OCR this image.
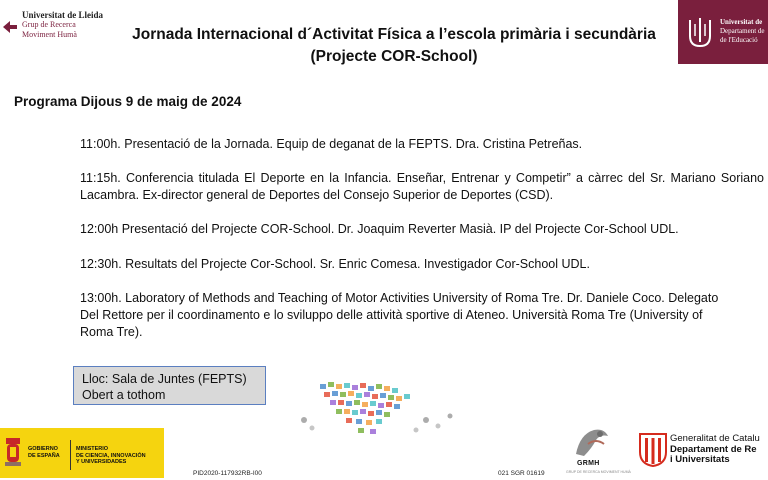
Universitat de Lleida
Grup de Recerca
Moviment Humà	Jornada Internacional d´Activitat Física a l’escola primària i secundària
(Projecte COR-School)
Universitat de
Departament de
de l'Educació
Programa Dijous 9 de maig de 2024
11:00h. Presentació de la Jornada. Equip de deganat de la FEPTS. Dra. Cristina Petreñas.
11:15h. Conferencia titulada El Deporte en la Infancia. Enseñar, Entrenar y Competir” a càrrec del Sr. Mariano Soriano Lacambra. Ex-director general de Deportes del Consejo Superior de Deportes (CSD).
12:00h Presentació del Projecte COR-School. Dr. Joaquim Reverter Masià. IP del Projecte Cor-School UDL.
12:30h. Resultats del Projecte Cor-School. Sr. Enric Comesa. Investigador Cor-School UDL.
13:00h. Laboratory of Methods and Teaching of Motor Activities University of Roma Tre. Dr. Daniele Coco. Delegato Del Rettore per il coordinamento e lo sviluppo delle attività sportive di Ateneo. Università Roma Tre (University of Roma Tre).
Lloc: Sala de Juntes (FEPTS)
Obert a tothom
GOBIERNO
DE ESPAÑA
MINISTERIO
DE CIENCIA, INNOVACIÓN
Y UNIVERSIDADES
PID2020-117932RB-I00	021 SGR 01619
GRMH
GRUP DE RECERCA MOVIMENT HUMÀ
Generalitat de Catalu
Departament de Re
i Universitats
